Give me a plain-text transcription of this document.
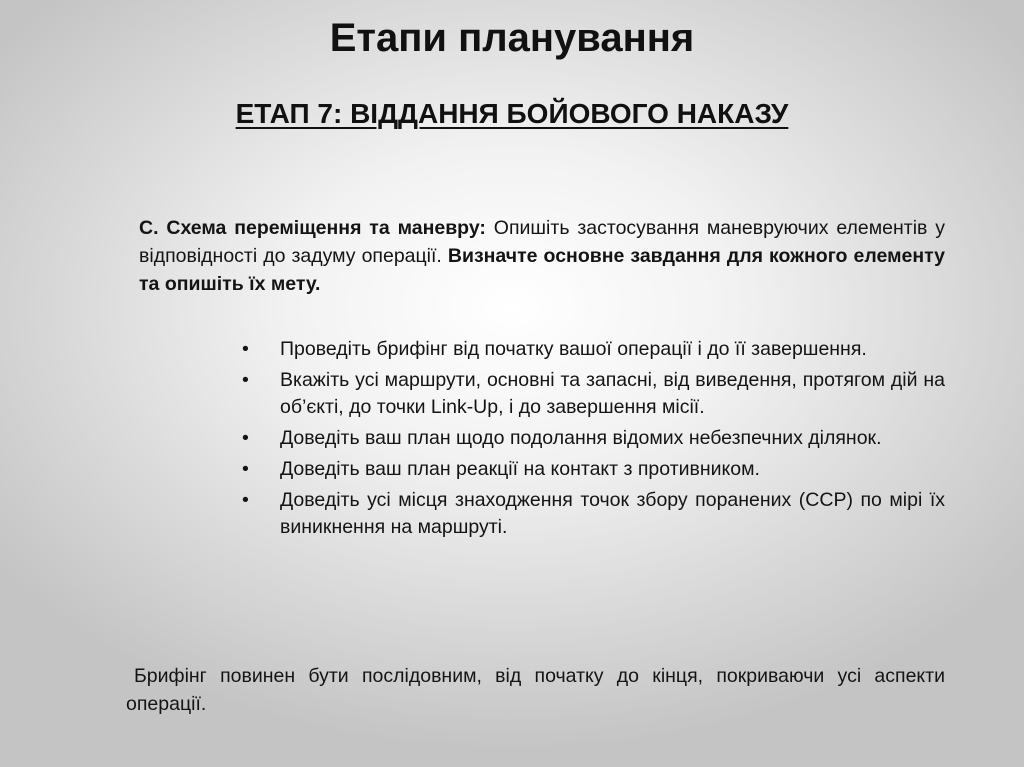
Етапи планування
ЕТАП 7: ВІДДАННЯ БОЙОВОГО НАКАЗУ
С. Схема переміщення та маневру: Опишіть застосування маневруючих елементів у відповідності до задуму операції. Визначте основне завдання для кожного елементу та опишіть їх мету.
• Проведіть брифінг від початку вашої операції і до її завершення.
• Вкажіть усі маршрути, основні та запасні, від виведення, протягом дій на об’єкті, до точки Link-Up, і до завершення місії.
• Доведіть ваш план щодо подолання відомих небезпечних ділянок.
• Доведіть ваш план реакції на контакт з противником.
• Доведіть усі місця знаходження точок збору поранених (ССР) по мірі їх виникнення на маршруті.
Брифінг повинен бути послідовним, від початку до кінця, покриваючи усі аспекти операції.
